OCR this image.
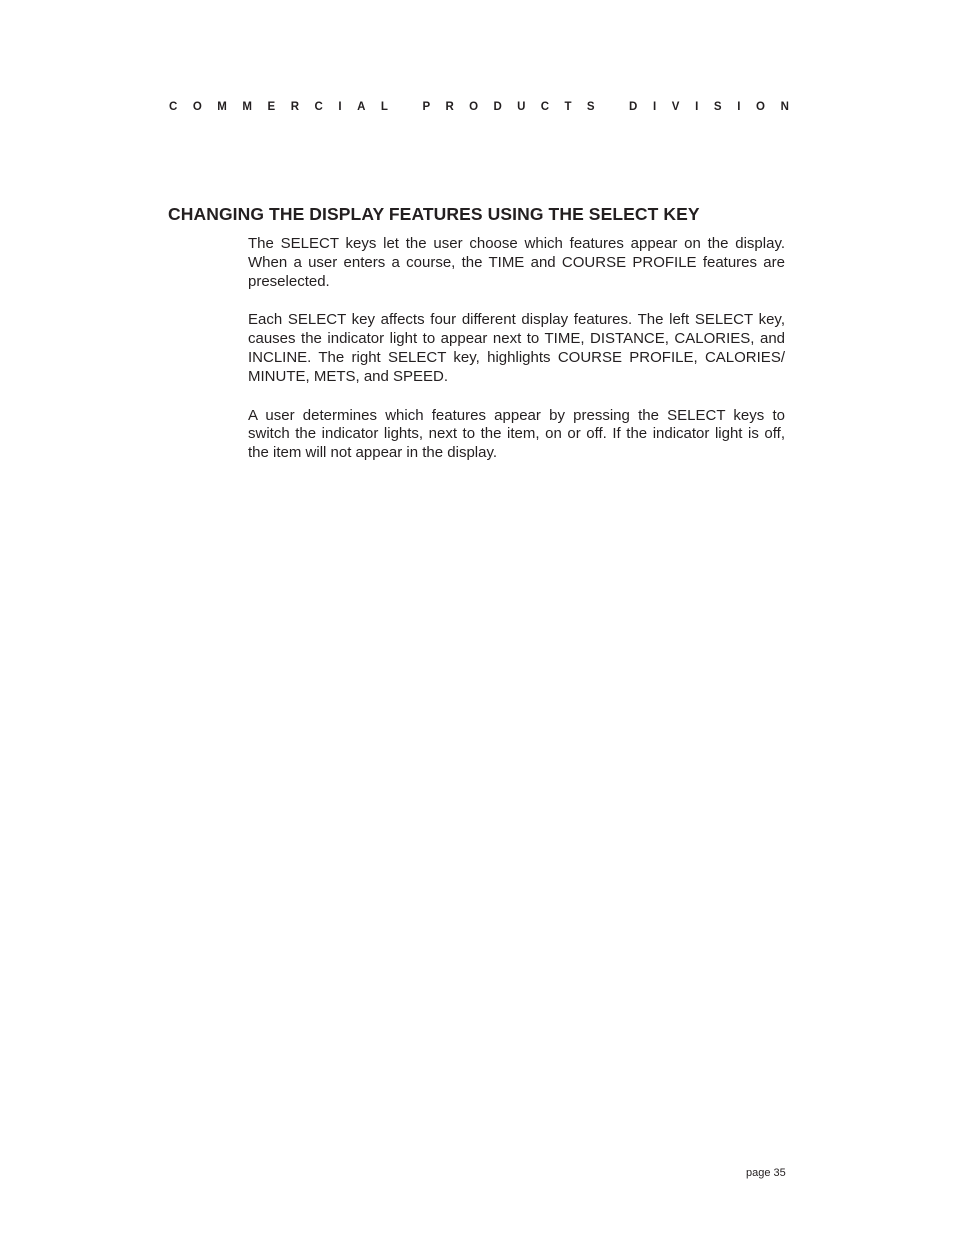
C O M M E R C I A L	P R O D U C T S	D I V I S I O N
CHANGING THE DISPLAY FEATURES USING THE SELECT KEY

The SELECT keys let the user choose which features appear on the display. When a user enters a course, the TIME and COURSE PROFILE features are preselected.

Each SELECT key affects four different display features. The left SELECT key, causes the indicator light to appear next to TIME, DISTANCE, CALORIES, and INCLINE. The right SELECT key, highlights COURSE PROFILE, CALORIES/ MINUTE, METS, and SPEED.

A user determines which features appear by pressing the SELECT keys to switch the indicator lights, next to the item, on or off. If the indicator light is off, the item will not appear in the display.

page 35
